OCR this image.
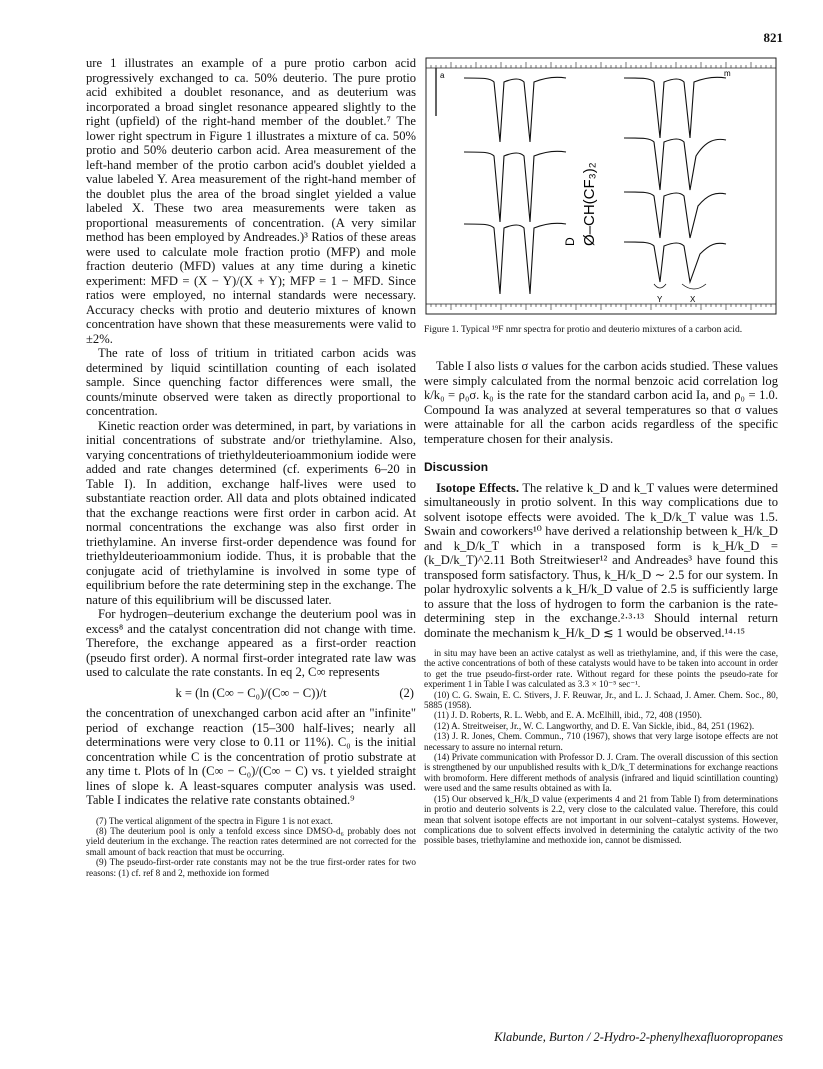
821

ure 1 illustrates an example of a pure protio carbon acid progressively exchanged to ca. 50% deuterio. The pure protio acid exhibited a doublet resonance, and as deuterium was incorporated a broad singlet resonance appeared slightly to the right (upfield) of the right-hand member of the doublet.⁷ The lower right spectrum in Figure 1 illustrates a mixture of ca. 50% protio and 50% deuterio carbon acid. Area measurement of the left-hand member of the protio carbon acid's doublet yielded a value labeled Y. Area measurement of the right-hand member of the doublet plus the area of the broad singlet yielded a value labeled X. These two area measurements were taken as proportional measurements of concentration. (A very similar method has been employed by Andreades.)³ Ratios of these areas were used to calculate mole fraction protio (MFP) and mole fraction deuterio (MFD) values at any time during a kinetic experiment: MFD = (X − Y)/(X + Y); MFP = 1 − MFD. Since ratios were employed, no internal standards were necessary. Accuracy checks with protio and deuterio mixtures of known concentration have shown that these measurements were valid to ±2%.

The rate of loss of tritium in tritiated carbon acids was determined by liquid scintillation counting of each isolated sample. Since quenching factor differences were small, the counts/minute observed were taken as directly proportional to concentration.

Kinetic reaction order was determined, in part, by variations in initial concentrations of substrate and/or triethylamine. Also, varying concentrations of triethyldeuterioammonium iodide were added and rate changes determined (cf. experiments 6–20 in Table I). In addition, exchange half-lives were used to substantiate reaction order. All data and plots obtained indicated that the exchange reactions were first order in carbon acid. At normal concentrations the exchange was also first order in triethylamine. An inverse first-order dependence was found for triethyldeuterioammonium iodide. Thus, it is probable that the conjugate acid of triethylamine is involved in some type of equilibrium before the rate determining step in the exchange. The nature of this equilibrium will be discussed later.

For hydrogen–deuterium exchange the deuterium pool was in excess⁸ and the catalyst concentration did not change with time. Therefore, the exchange appeared as a first-order reaction (pseudo first order). A normal first-order integrated rate law was used to calculate the rate constants. In eq 2, C∞ represents

k = (ln (C∞ − C₀)/(C∞ − C))/t	(2)

the concentration of unexchanged carbon acid after an "infinite" period of exchange reaction (15–300 half-lives; nearly all determinations were very close to 0.11 or 11%). C₀ is the initial concentration while C is the concentration of protio substrate at any time t. Plots of ln (C∞ − C₀)/(C∞ − C) vs. t yielded straight lines of slope k. A least-squares computer analysis was used. Table I indicates the relative rate constants obtained.⁹

(7) The vertical alignment of the spectra in Figure 1 is not exact.

(8) The deuterium pool is only a tenfold excess since DMSO-d₆ probably does not yield deuterium in the exchange. The reaction rates determined are not corrected for the small amount of back reaction that must be occurring.

(9) The pseudo-first-order rate constants may not be the true first-order rates for two reasons: (1) cf. ref 8 and 2, methoxide ion formed

a	m
Y	X
Ø–CH(CF₃)₂
D
Figure 1. Typical ¹⁹F nmr spectra for protio and deuterio mixtures of a carbon acid.

Table I also lists σ values for the carbon acids studied. These values were simply calculated from the normal benzoic acid correlation log k/k₀ = ρ₀σ. k₀ is the rate for the standard carbon acid Ia, and ρ₀ = 1.0. Compound Ia was analyzed at several temperatures so that σ values were attainable for all the carbon acids regardless of the specific temperature chosen for their analysis.

Discussion

Isotope Effects. The relative k_D and k_T values were determined simultaneously in protio solvent. In this way complications due to solvent isotope effects were avoided. The k_D/k_T value was 1.5. Swain and coworkers¹⁰ have derived a relationship between k_H/k_D and k_D/k_T which in a transposed form is k_H/k_D = (k_D/k_T)^2.11 Both Streitwieser¹² and Andreades³ have found this transposed form satisfactory. Thus, k_H/k_D ∼ 2.5 for our system. In polar hydroxylic solvents a k_H/k_D value of 2.5 is sufficiently large to assure that the loss of hydrogen to form the carbanion is the rate-determining step in the exchange.²·³·¹³ Should internal return dominate the mechanism k_H/k_D ≲ 1 would be observed.¹⁴·¹⁵

in situ may have been an active catalyst as well as triethylamine, and, if this were the case, the active concentrations of both of these catalysts would have to be taken into account in order to get the true pseudo-first-order rate. Without regard for these points the pseudo-rate for experiment 1 in Table I was calculated as 3.3 × 10⁻⁵ sec⁻¹.

(10) C. G. Swain, E. C. Stivers, J. F. Reuwar, Jr., and L. J. Schaad, J. Amer. Chem. Soc., 80, 5885 (1958).

(11) J. D. Roberts, R. L. Webb, and E. A. McElhill, ibid., 72, 408 (1950).

(12) A. Streitweiser, Jr., W. C. Langworthy, and D. E. Van Sickle, ibid., 84, 251 (1962).

(13) J. R. Jones, Chem. Commun., 710 (1967), shows that very large isotope effects are not necessary to assure no internal return.

(14) Private communication with Professor D. J. Cram. The overall discussion of this section is strengthened by our unpublished results with k_D/k_T determinations for exchange reactions with bromoform. Here different methods of analysis (infrared and liquid scintillation counting) were used and the same results obtained as with Ia.

(15) Our observed k_H/k_D value (experiments 4 and 21 from Table I) from determinations in protio and deuterio solvents is 2.2, very close to the calculated value. Therefore, this could mean that solvent isotope effects are not important in our solvent–catalyst systems. However, complications due to solvent effects involved in determining the catalytic activity of the two possible bases, triethylamine and methoxide ion, cannot be dismissed.

Klabunde, Burton / 2-Hydro-2-phenylhexafluoropropanes
